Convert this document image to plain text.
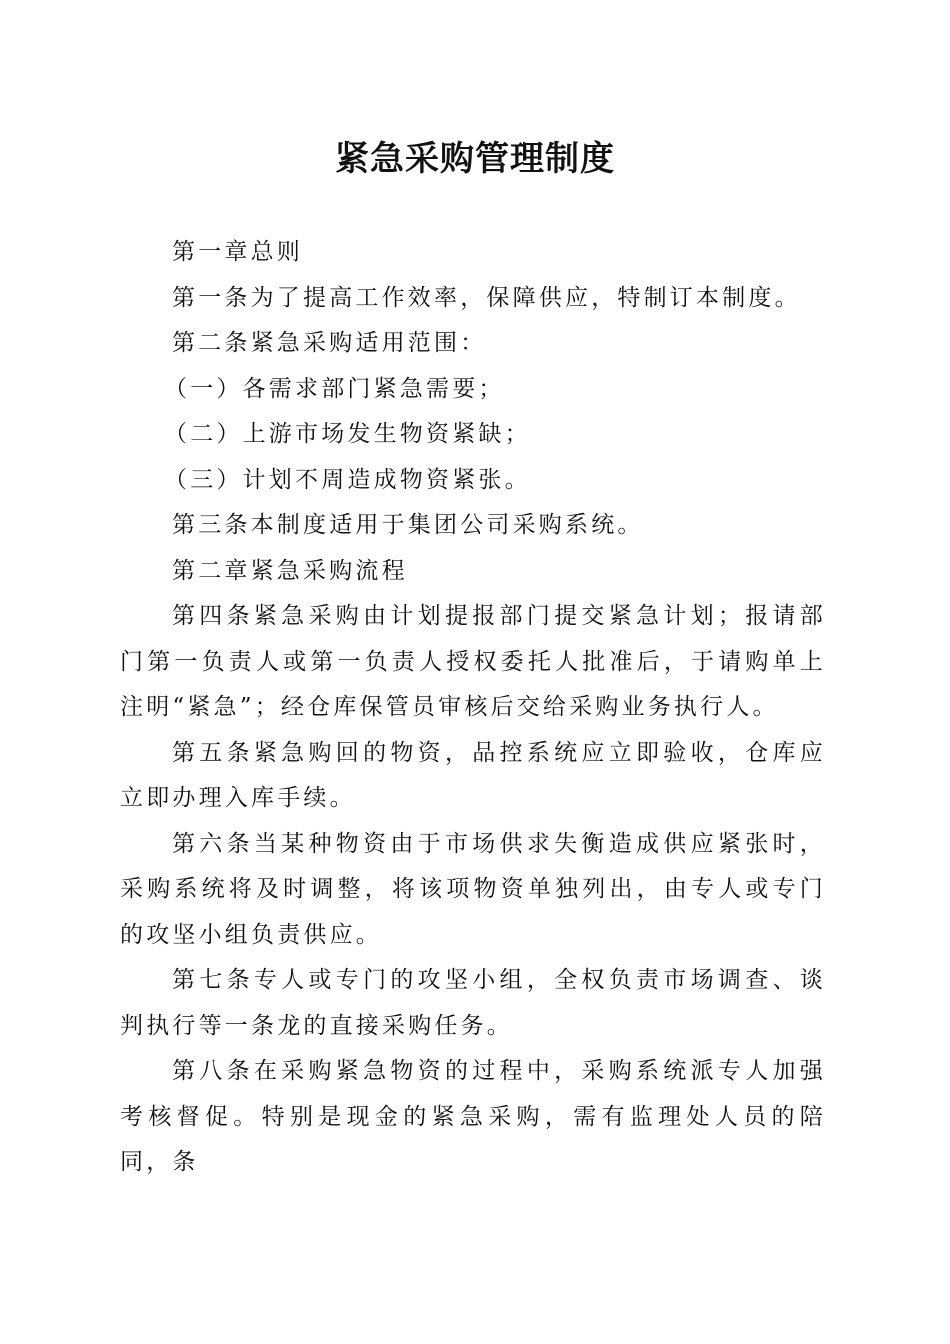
紧急采购管理制度

第一章总则

第一条为了提高工作效率，保障供应，特制订本制度。

第二条紧急采购适用范围：

（一）各需求部门紧急需要；

（二）上游市场发生物资紧缺；

（三）计划不周造成物资紧张。

第三条本制度适用于集团公司采购系统。

第二章紧急采购流程

第四条紧急采购由计划提报部门提交紧急计划；报请部门第一负责人或第一负责人授权委托人批准后，于请购单上注明“紧急”；经仓库保管员审核后交给采购业务执行人。

第五条紧急购回的物资，品控系统应立即验收，仓库应立即办理入库手续。

第六条当某种物资由于市场供求失衡造成供应紧张时，采购系统将及时调整，将该项物资单独列出，由专人或专门的攻坚小组负责供应。

第七条专人或专门的攻坚小组，全权负责市场调查、谈判执行等一条龙的直接采购任务。

第八条在采购紧急物资的过程中，采购系统派专人加强考核督促。特别是现金的紧急采购，需有监理处人员的陪同，条
